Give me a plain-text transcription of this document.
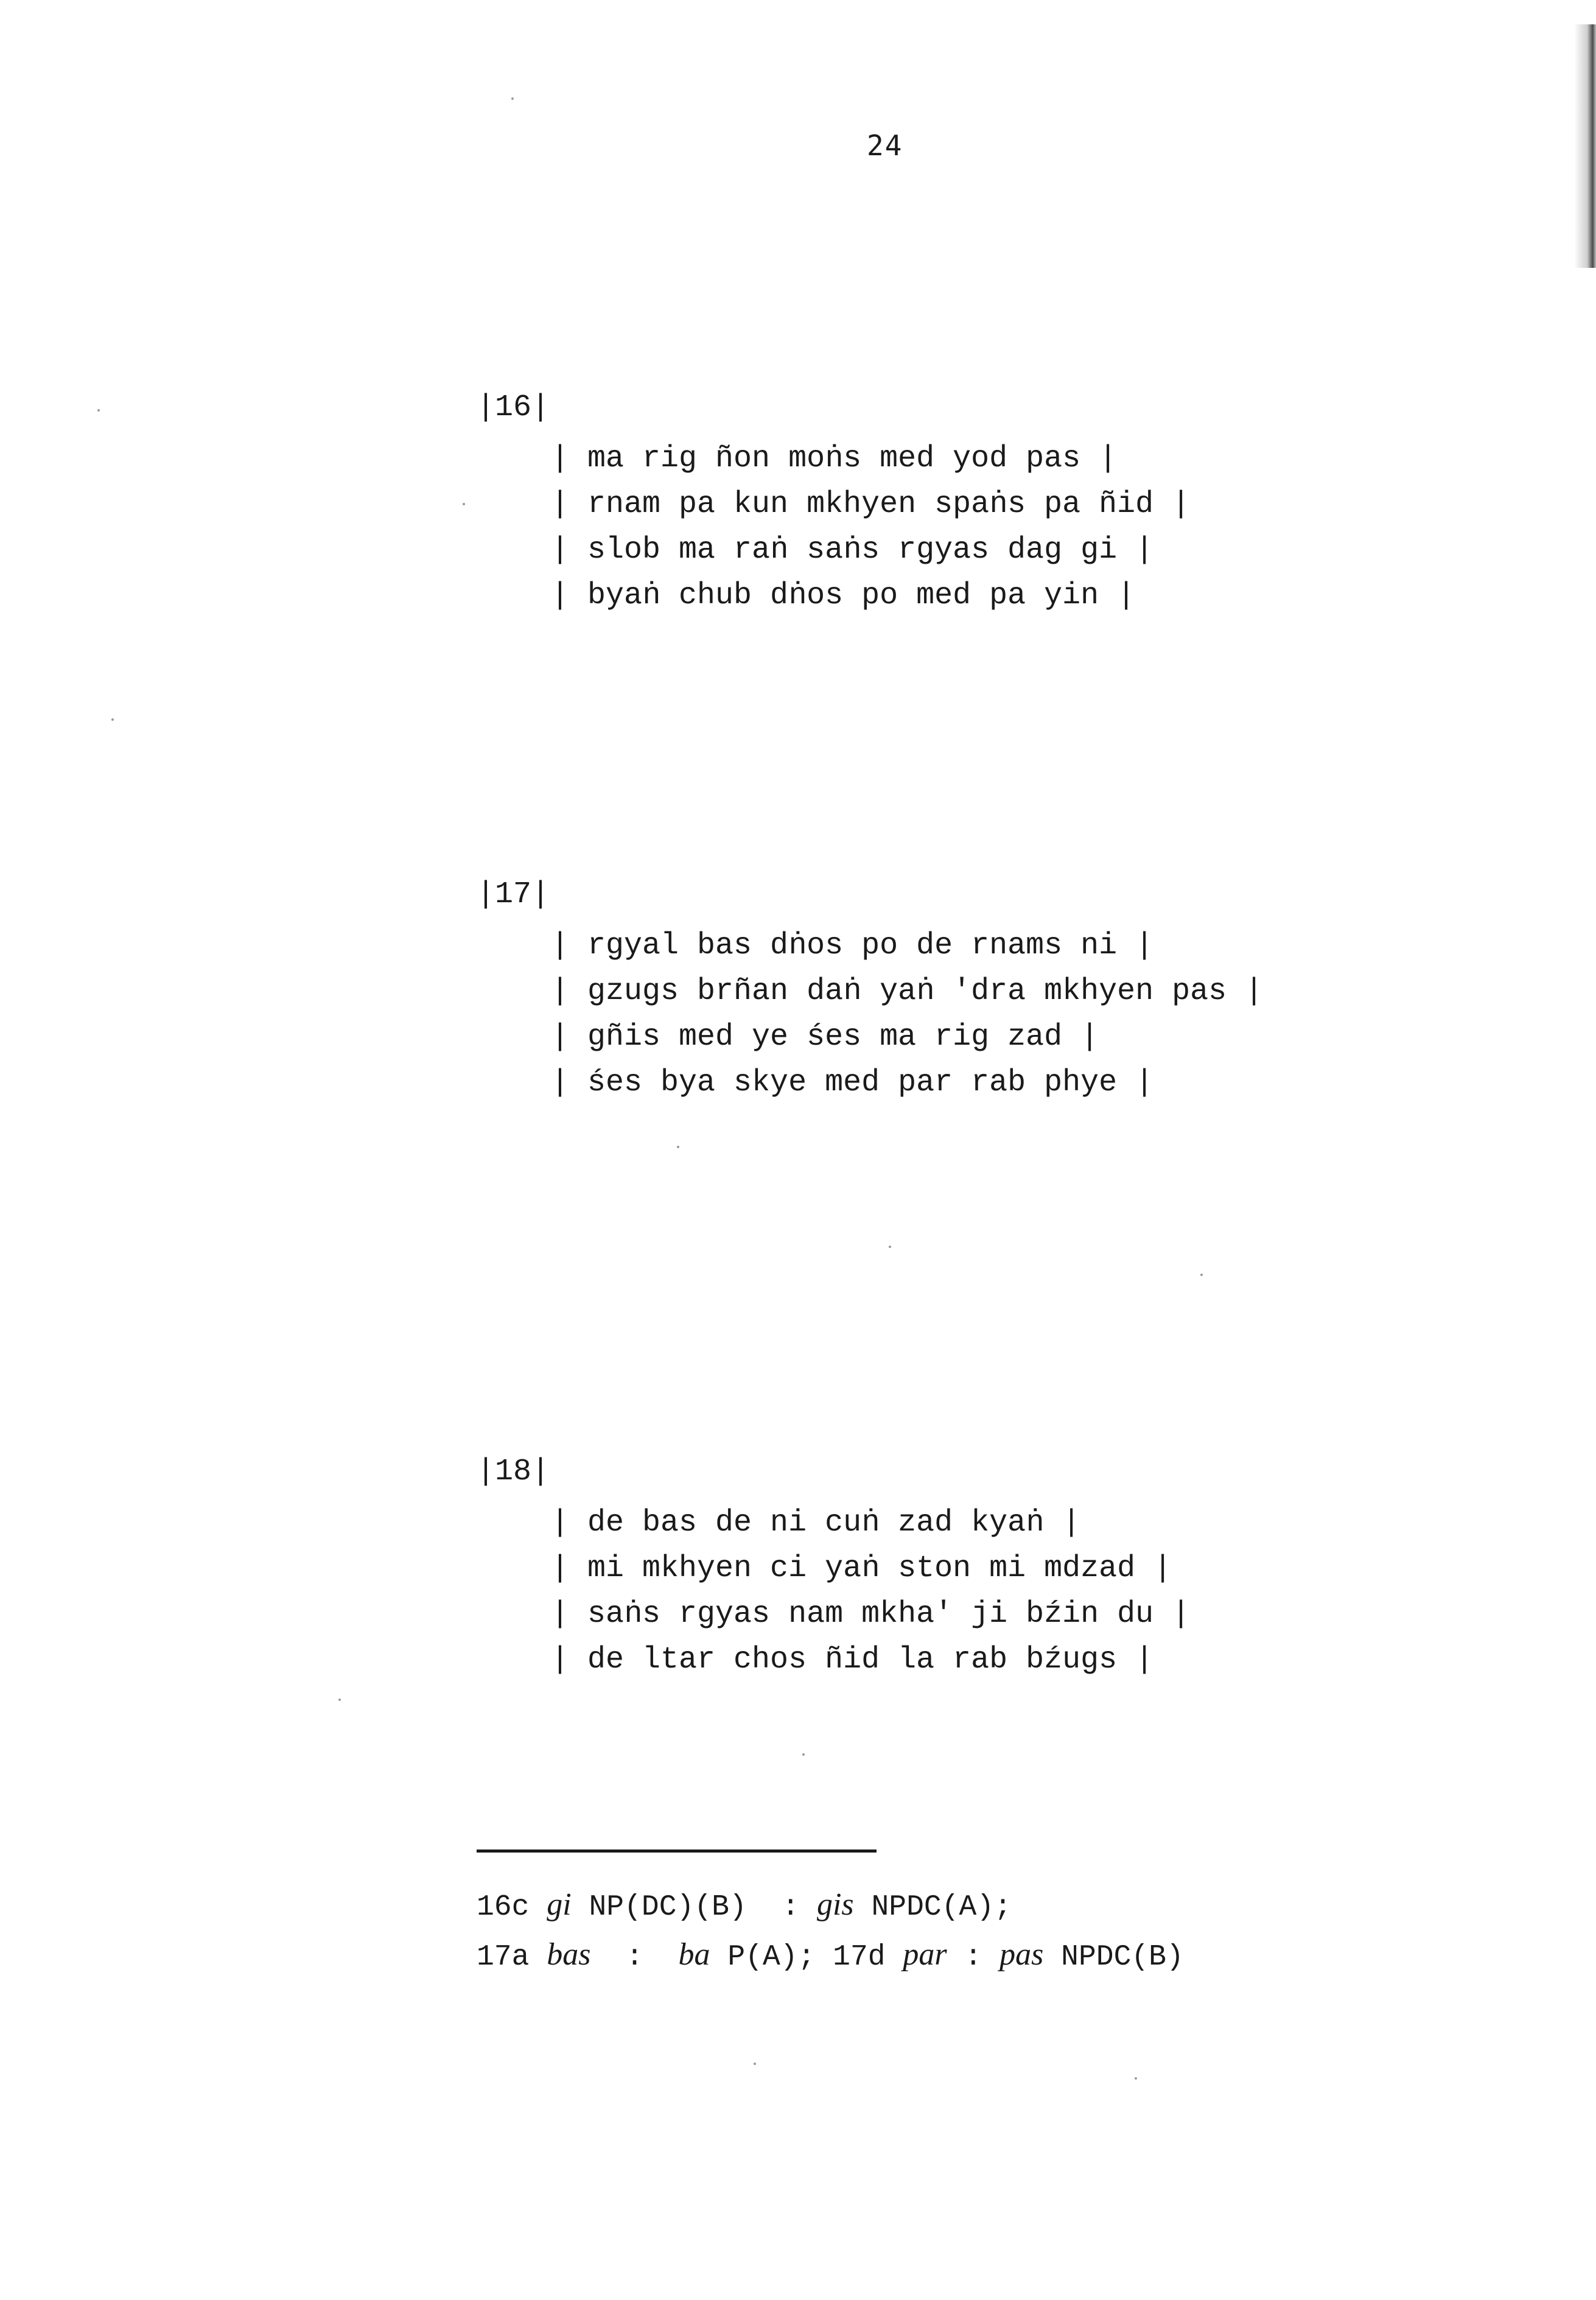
24
|16|
| ma rig ñon moṅs med yod pas |
| rnam pa kun mkhyen spaṅs pa ñid |
| slob ma raṅ saṅs rgyas dag gi |
| byaṅ chub dṅos po med pa yin |
|17|
| rgyal bas dṅos po de rnams ni |
| gzugs brñan daṅ yaṅ 'dra mkhyen pas |
| gñis med ye śes ma rig zad |
| śes bya skye med par rab phye |
|18|
| de bas de ni cuṅ zad kyaṅ |
| mi mkhyen ci yaṅ ston mi mdzad |
| saṅs rgyas nam mkha' ji bźin du |
| de ltar chos ñid la rab bźugs |
16c gi NP(DC)(B) : gis NPDC(A);
17a bas : ba P(A); 17d par : pas NPDC(B)
